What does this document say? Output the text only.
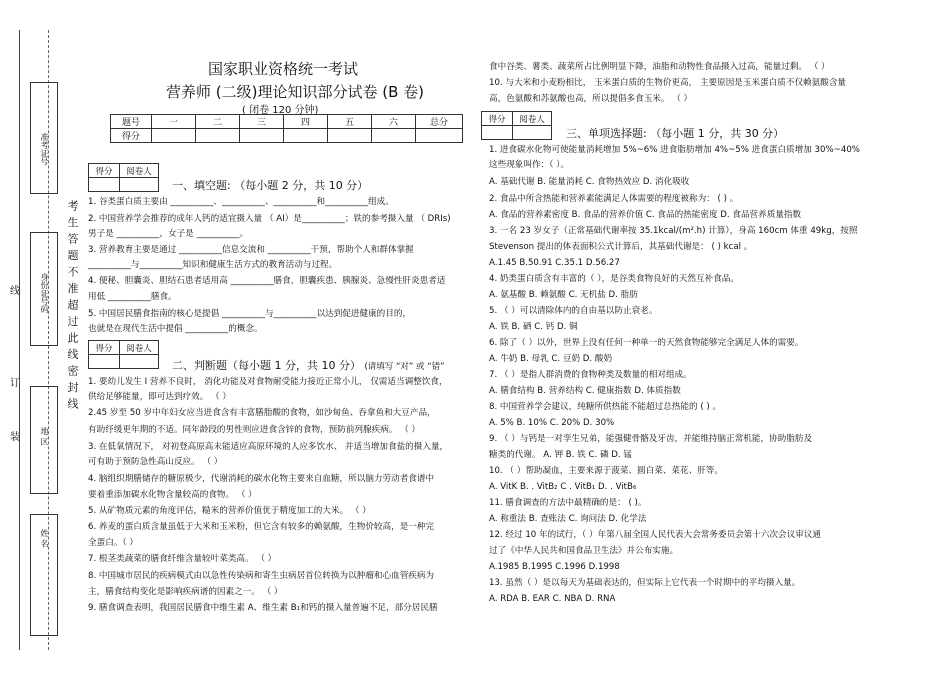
准考证号
身份证号码
地 区
姓 名
线
订
装
考 生 答 题 不 准 超 过 此 线 密 封 线
国家职业资格统一考试
营养师 (二级)理论知识部分试卷 (B 卷)
( 闭卷 120 分钟)
题号	一	二	三	四	五	六	总分
得分							
得分	阅卷人

一、填空题: （每小题 2 分，共 10 分）
1. 谷类蛋白质主要由 __________、__________、__________和__________组成。
2. 中国营养学会推荐的成年人钙的适宜摄入量 （ AI）是__________；铁的参考摄入量 （ DRIs)
男子是 __________，女子是 __________。
3. 营养教育主要是通过 __________信息交流和 __________干预，帮助个人和群体掌握
__________与__________知识和健康生活方式的教育活动与过程。
4. 便秘、胆囊炎、胆结石患者适用高 __________膳食，胆囊疾患、胰腺炎、急慢性肝炎患者适
用低 __________膳食。
5. 中国居民膳食指南的核心是提倡 __________与__________以达到促进健康的目的，
也就是在现代生活中提倡 __________的概念。
得分	阅卷人

二、判断题（每小题 1 分，共 10 分） (请填写 “对” 或 “错”
1. 要幼儿发生 I 营养不良时， 消化功能及对食物耐受能力接近正常小儿， 仅需适当调整饮食，
供给足够能量，即可达到疗效。 （ ）
2.45 岁至 50 岁中年妇女应当进食含有丰富膳脂酸的食物，如沙甸鱼、吞拿鱼和大豆产品，
有助纾缓更年期的不适。同年龄段的男性则应进食含锌的食物，预防前列腺疾病。 （ ）
3. 在低氧情况下， 对初登高原高未能适应高原环境的人应多饮水、 并适当增加食盐的摄入量，
可有助于预防急性高山反应。 （ ）
4. 脑组织期膳储存的糖原极少，代谢消耗的碳水化物主要来自血糖，所以脑力劳动者食谱中
要着重添加碳水化物含量较高的食物。 （ ）
5. 从矿物质元素的角度评估，糙米的营养价值优于精度加工的大米。 （ ）
6. 养麦的蛋白质含量虽低于大米和玉米粉，但它含有较多的赖氨酸，生物价较高，是一种完
全蛋白。（ ）
7. 根茎类蔬菜的膳食纤维含量较叶菜类高。 （ ）
8. 中国城市居民的疾病模式由以急性传染病和寄生虫病居首位转换为以肿瘤和心血管疾病为
主，膳食结构变化是影响疾病谱的因素之一。 （ ）
9. 膳食调查表明，我国居民膳食中维生素 A、维生素 B₁和钙的摄入量普遍不足，部分居民膳
食中谷类、薯类、蔬菜所占比例明显下降，油脂和动物性食品摄入过高，能量过剩。 （ ）
10. 与大米和小麦粉相比， 玉米蛋白质的生物价更高， 主要原因是玉米蛋白质不仅赖氨酸含量
高，色氨酸和苏氨酸也高，所以提倡多食玉米。 （ ）
得分	阅卷人

三、单项选择题: （每小题 1 分，共 30 分）
1. 进食碳水化物可使能量消耗增加 5%~6% 进食脂肪增加 4%~5% 进食蛋白质增加 30%~40%
这些现象叫作：（ ）。
A. 基础代谢 B. 能量消耗 C. 食物热效应 D. 消化吸收
2. 食品中所含热能和营养素能满足人体需要的程度被称为： ( ) 。
A. 食品的营养素密度 B. 食品的营养价值 C. 食品的热能密度 D. 食品营养质量指数
3. 一名 23 岁女子（正常基础代谢率按 35.1kcal/(m².h) 计算），身高 160cm 体重 49kg，按照
Stevenson 提出的体表面积公式计算后，其基础代谢是： ( ) kcal 。
A.1.45 B.50.91 C.35.1 D.56.27
4. 奶类蛋白质含有丰富的（ ），是谷类食物良好的天然互补食品。
A. 氨基酸 B. 赖氨酸 C. 无机盐 D. 脂肪
5. （ ）可以清除体内的自由基以防止衰老。
A. 铁 B. 硒 C. 钙 D. 铜
6. 除了（ ）以外，世界上没有任何一种单一的天然食物能够完全满足人体的需要。
A. 牛奶 B. 母乳 C. 豆奶 D. 酸奶
7. （ ）是指人群消费的食物种类及数量的相对组成。
A. 膳食结构 B. 营养结构 C. 健康指数 D. 体质指数
8. 中国营养学会建议，纯糖所供热能不能超过总热能的 ( ) 。
A. 5% B. 10% C. 20% D. 30%
9. （ ）与钙是一对孪生兄弟，能强健骨骼及牙齿，并能维持脑正常机能，协助脂肪及
糖类的代谢。 A. 钾 B. 铁 C. 磷 D. 锰
10. （ ）帮助凝血，主要来源于菠菜、圆白菜、菜花、肝等。
A. VitK B. . VitB₂ C . VitB₁ D. . VitB₆
11. 膳食调查的方法中最精确的是： ( )。
A. 称重法 B. 查账法 C. 询问法 D. 化学法
12. 经过 10 年的试行，（ ）年第八届全国人民代表大会常务委员会第十六次会议审议通
过了《中华人民共和国食品卫生法》并公布实施。
A.1985 B.1995 C.1996 D.1998
13. 虽然（ ）是以每天为基础表达的，但实际上它代表一个时期中的平均摄入量。
A. RDA B. EAR C. NBA D. RNA
